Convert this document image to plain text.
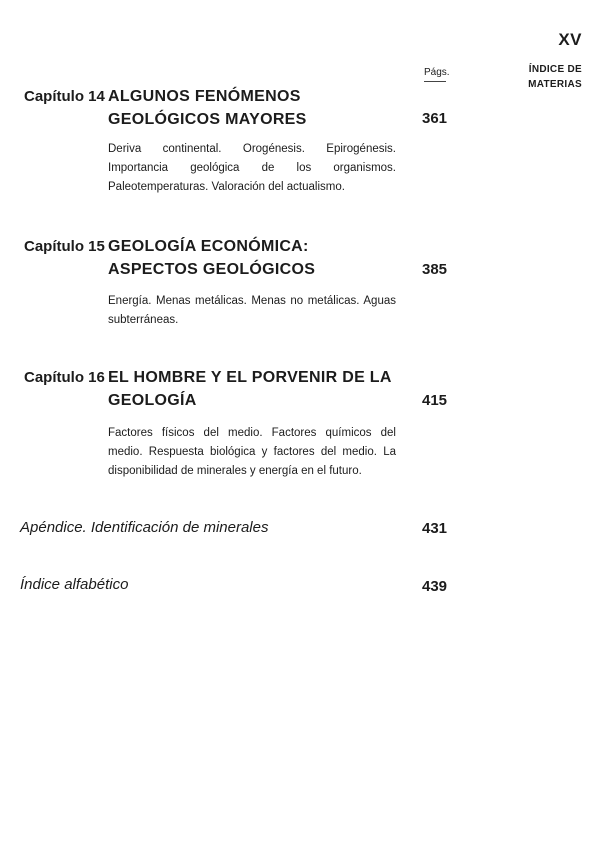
XV
ÍNDICE DE MATERIAS
Págs.
Capítulo 14 ALGUNOS FENÓMENOS GEOLÓGICOS MAYORES	361
Deriva continental. Orogénesis. Epirogénesis. Importancia geológica de los organismos. Paleotemperaturas. Valoración del actualismo.
Capítulo 15 GEOLOGÍA ECONÓMICA: ASPECTOS GEOLÓGICOS	385
Energía. Menas metálicas. Menas no metálicas. Aguas subterráneas.
Capítulo 16 EL HOMBRE Y EL PORVENIR DE LA GEOLOGÍA	415
Factores físicos del medio. Factores químicos del medio. Respuesta biológica y factores del medio. La disponibilidad de minerales y energía en el futuro.
Apéndice. Identificación de minerales	431
Índice alfabético	439
